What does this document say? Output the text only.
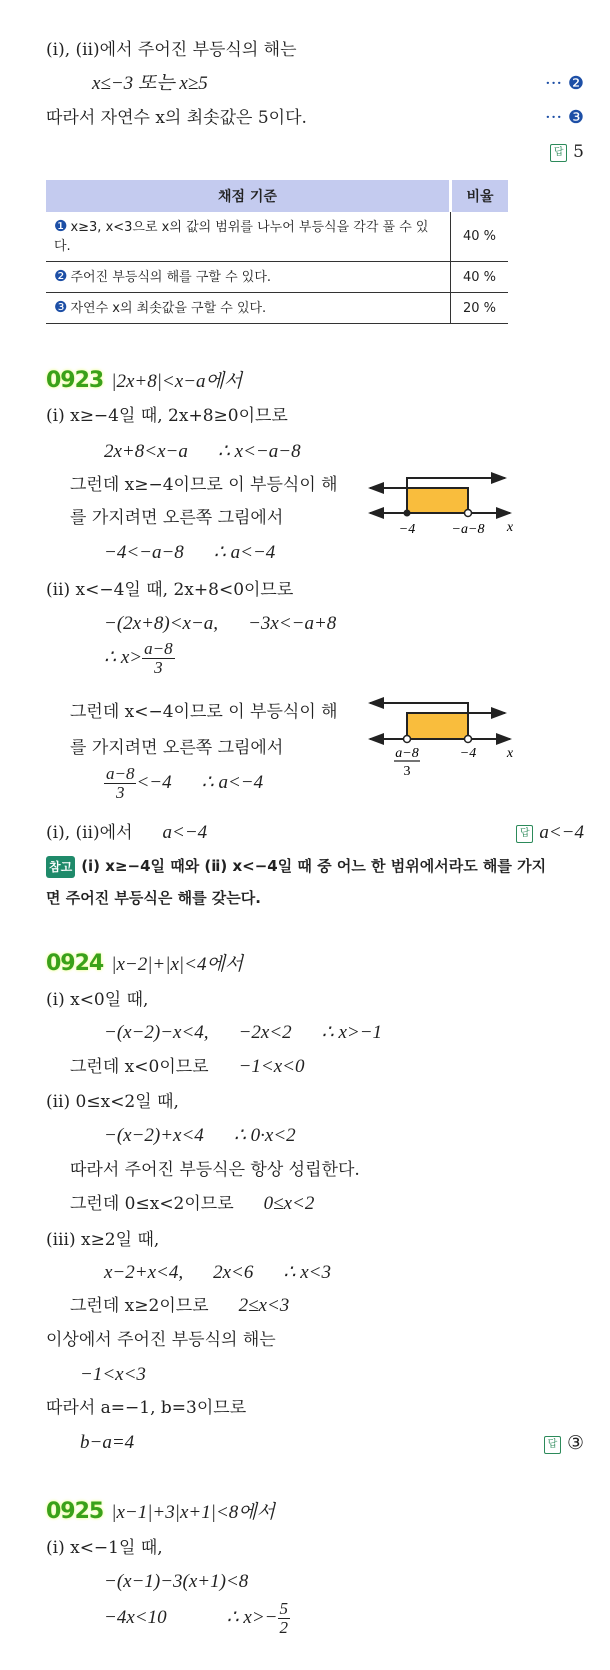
(ⅰ), (ⅱ)에서 주어진 부등식의 해는
x≤−3 또는 x≥5	··· ❷
따라서 자연수 x의 최솟값은 5이다.	··· ❸
답 5
채점 기준	비율
❶ x≥3, x<3으로 x의 값의 범위를 나누어 부등식을 각각 풀 수 있다.	40 %
❷ 주어진 부등식의 해를 구할 수 있다.	40 %
❸ 자연수 x의 최솟값을 구할 수 있다.	20 %
0923 |2x+8|<x−a에서
(ⅰ) x≥−4일 때, 2x+8≥0이므로
2x+8<x−a ∴ x<−a−8
그런데 x≥−4이므로 이 부등식이 해
를 가지려면 오른쪽 그림에서
−4<−a−8 ∴ a<−4
−4	−a−8 x
(ⅱ) x<−4일 때, 2x+8<0이므로
−(2x+8)<x−a, −3x<−a+8
∴ $x> \frac{a-8}{3}$
그런데 x<−4이므로 이 부등식이 해
를 가지려면 오른쪽 그림에서
$\frac{a-8}{3} <-4$ ∴ a<−4
a−8
3
−4 x
(ⅰ), (ⅱ)에서 a<−4	답 a<−4
참고 (ⅰ) x≥−4일 때와 (ⅱ) x<−4일 때 중 어느 한 범위에서라도 해를 가지
면 주어진 부등식은 해를 갖는다.
0924 |x−2|+|x|<4에서
(ⅰ) x<0일 때,
−(x−2)−x<4, −2x<2 ∴ x>−1
그런데 x<0이므로 −1<x<0
(ⅱ) 0≤x<2일 때,
−(x−2)+x<4 ∴ 0·x<2
따라서 주어진 부등식은 항상 성립한다.
그런데 0≤x<2이므로 0≤x<2
(ⅲ) x≥2일 때,
x−2+x<4, 2x<6 ∴ x<3
그런데 x≥2이므로 2≤x<3
이상에서 주어진 부등식의 해는
−1<x<3
따라서 a=−1, b=3이므로
b−a=4	답 ③
0925 |x−1|+3|x+1|<8에서
(ⅰ) x<−1일 때,
−(x−1)−3(x+1)<8
−4x<10	∴ $x>- \frac{5}{2}$
